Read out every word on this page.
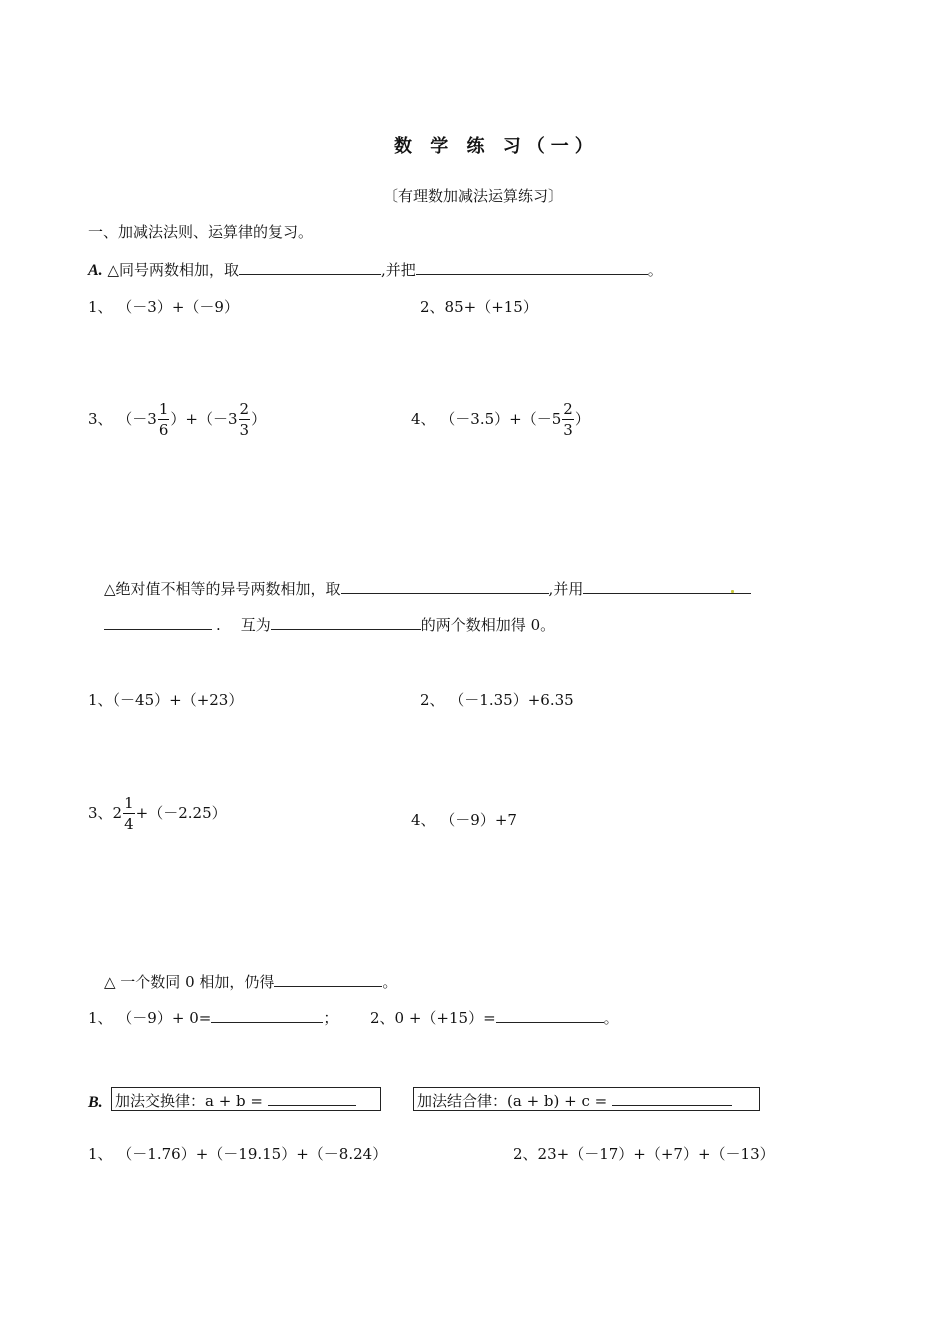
数 学 练 习（一）
〔有理数加减法运算练习〕
一、加减法法则、运算律的复习。
A. △同号两数相加，取	,并把	。
1、 （－3）+（－9）	2、85+（+15）
3、 $(-3 \frac{1}{6} )+(-3 \frac{2}{3}$ ）	4、 $(-3.5)+(-5 \frac{2}{3}$ ）
△绝对值不相等的异号两数相加，取	,并用
. 互为	的两个数相加得 0。
1、（－45）+（+23）	2、 （－1.35）+6.35
3、$2 \frac{1}{4} +(-2.25)$	4、 （－9）+7
△ 一个数同 0 相加，仍得	。
1、 （－9）+ 0=	； 2、0 +（+15）=	。
B. 加法交换律：a + b =	加法结合律：(a + b) + c =
1、 （－1.76）+（－19.15）+（－8.24）	2、23+（－17）+（+7）+（－13）
